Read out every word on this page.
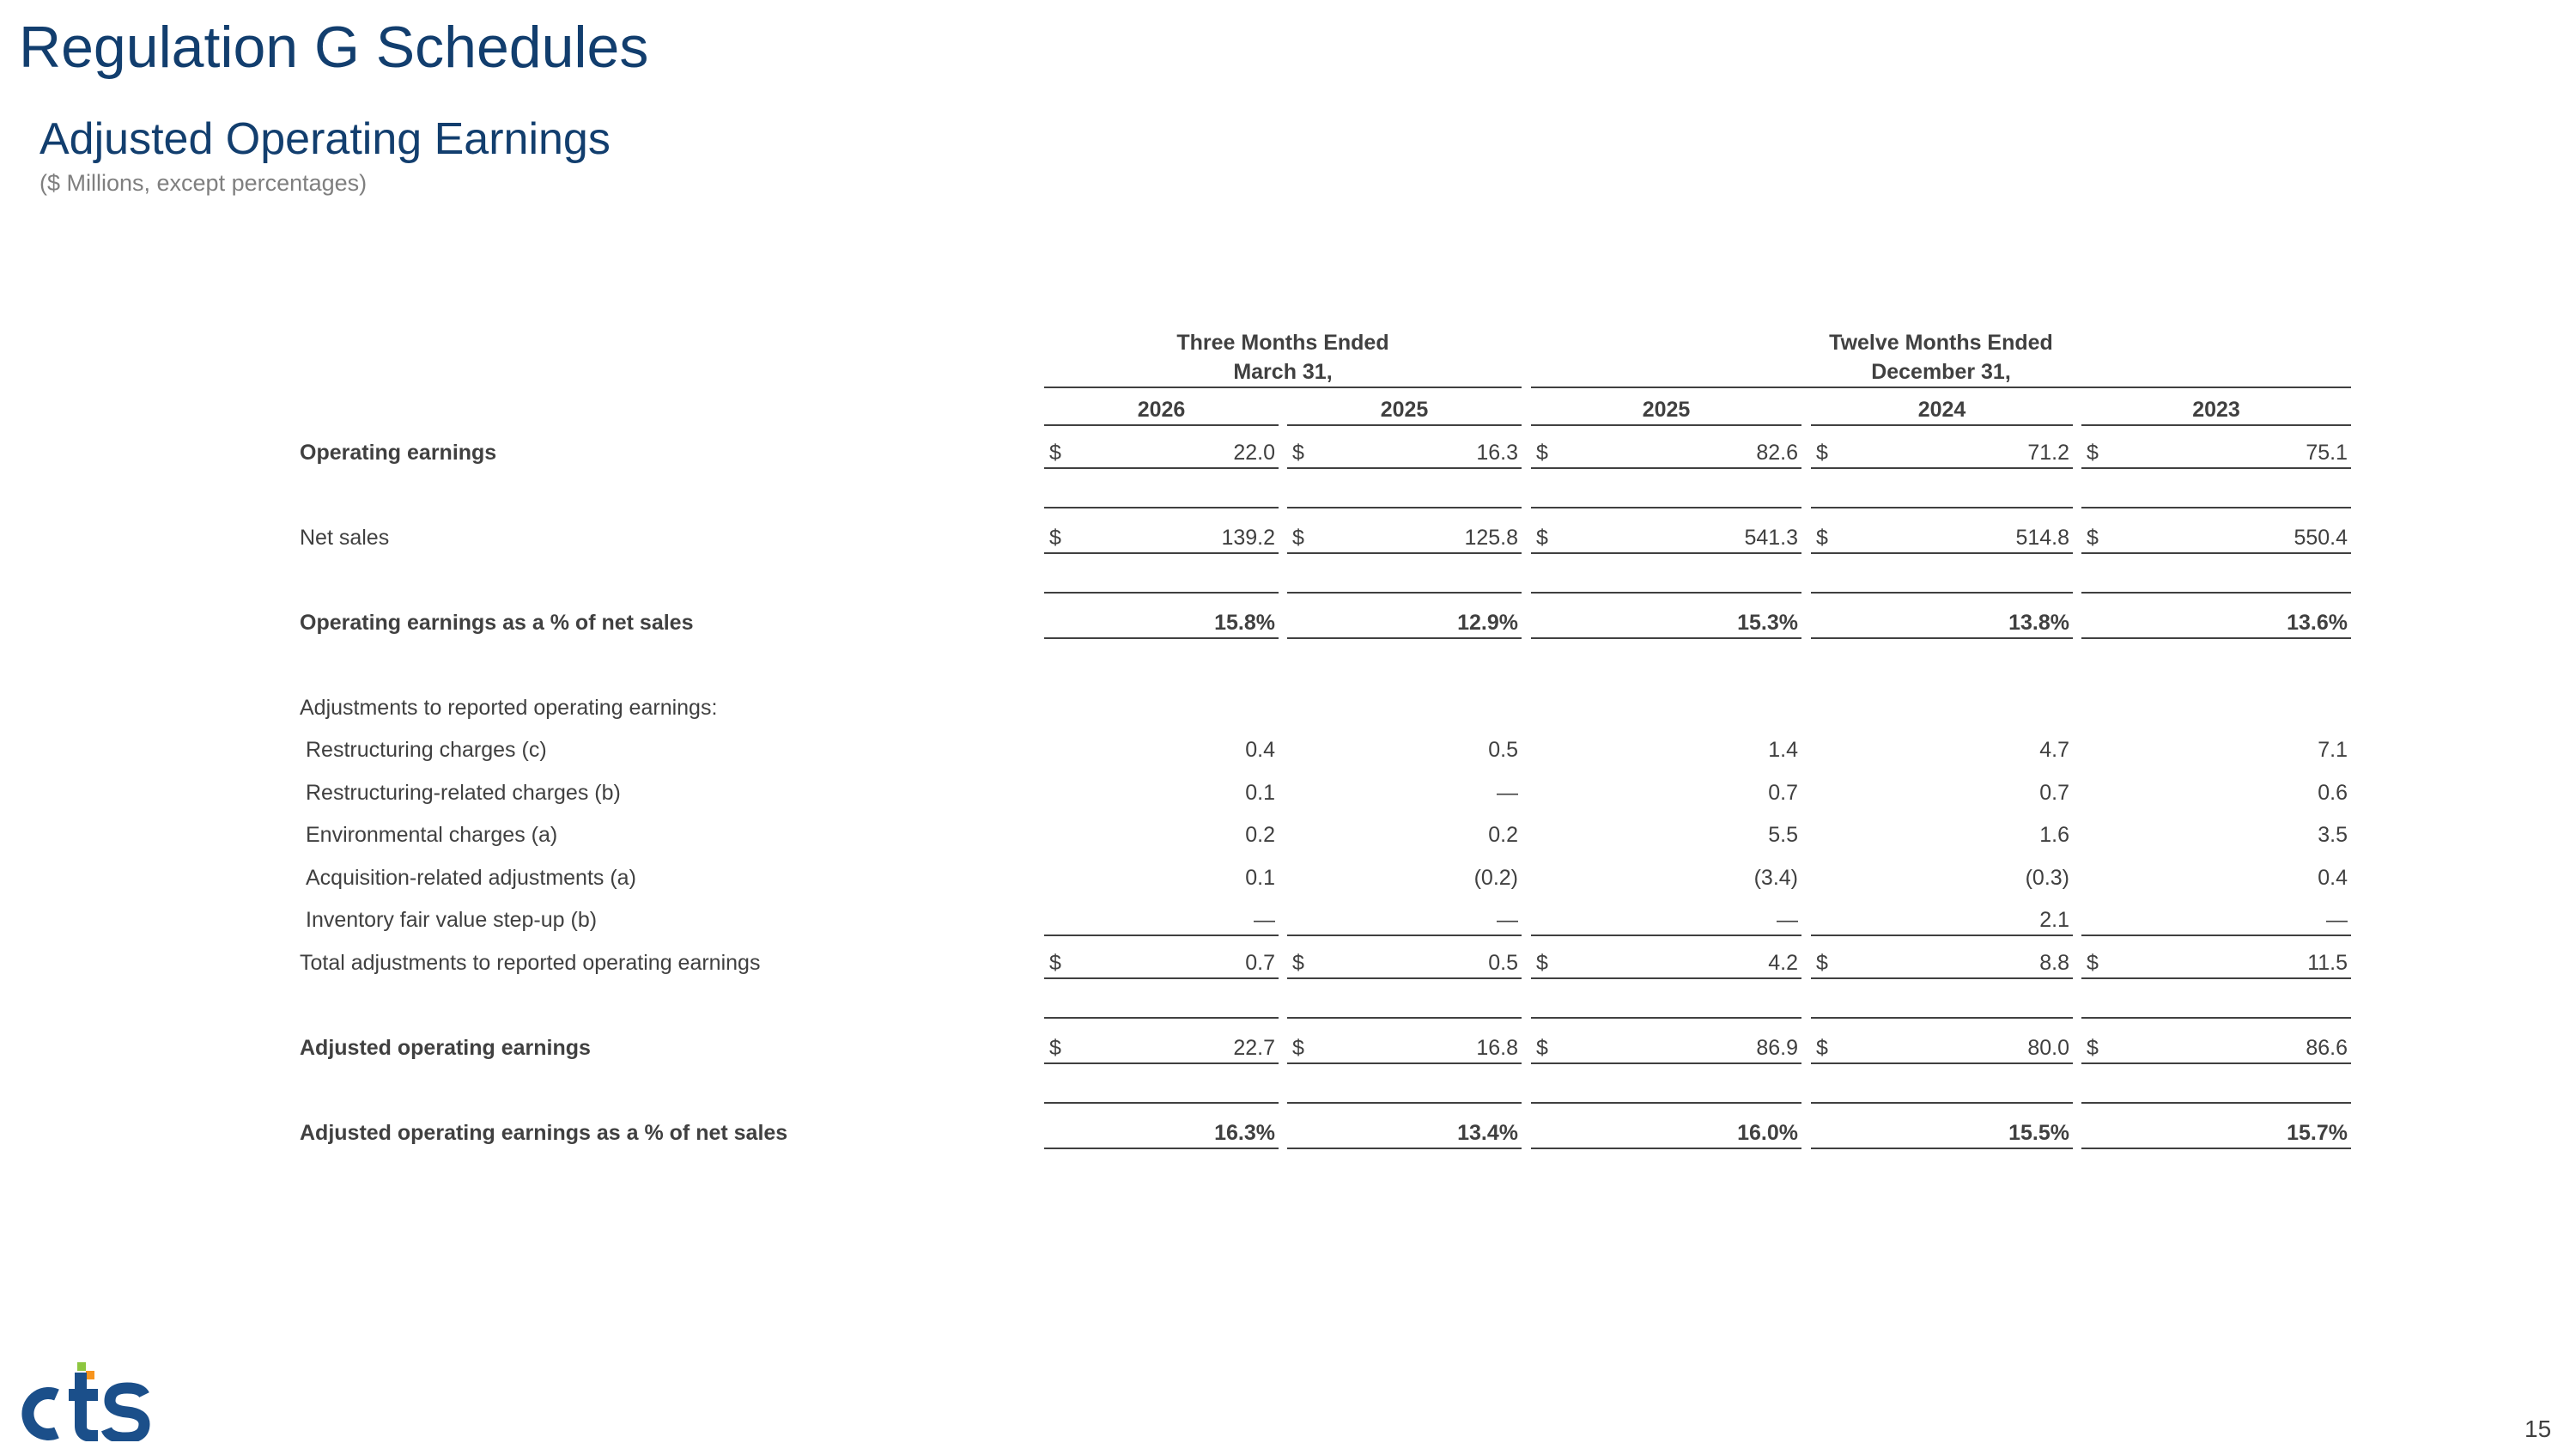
Regulation G Schedules
Adjusted Operating Earnings
($ Millions, except percentages)
Three Months Ended
March 31,
Twelve Months Ended
December 31,
2026	2025	2025	2024	2023
Operating earnings	$	22.0 $	16.3 $	82.6 $	71.2 $	75.1
Net sales	$	139.2 $	125.8 $	541.3 $	514.8 $	550.4
Operating earnings as a % of net sales	15.8%	12.9%	15.3%	13.8%	13.6%
Adjustments to reported operating earnings:
Restructuring charges (c)	0.4	0.5	1.4	4.7	7.1
Restructuring-related charges (b)	0.1	—	0.7	0.7	0.6
Environmental charges (a)	0.2	0.2	5.5	1.6	3.5
Acquisition-related adjustments (a)	0.1	(0.2)	(3.4)	(0.3)	0.4
Inventory fair value step-up (b)	—	—	—	2.1	—
Total adjustments to reported operating earnings	$	0.7 $	0.5 $	4.2 $	8.8 $	11.5
Adjusted operating earnings	$	22.7 $	16.8 $	86.9 $	80.0 $	86.6
Adjusted operating earnings as a % of net sales	16.3%	13.4%	16.0%	15.5%	15.7%
15
